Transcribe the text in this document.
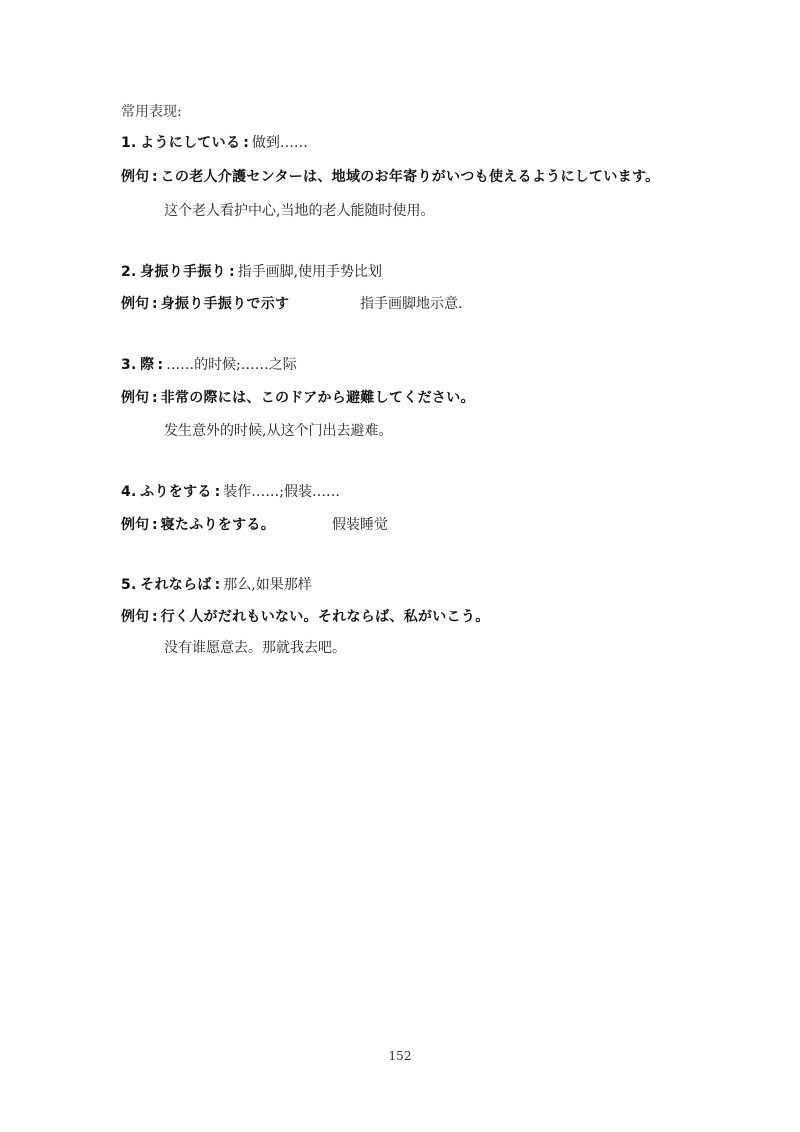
常用表现:
1. ようにしている : 做到……
例句 : この老人介護センターは、地域のお年寄りがいつも使えるようにしています。
这个老人看护中心,当地的老人能随时使用。
2. 身振り手振り : 指手画脚,使用手势比划
例句 : 身振り手振りで示す	指手画脚地示意.
3. 際 : ……的时候;……之际
例句 : 非常の際には、このドアから避難してください。
发生意外的时候,从这个门出去避难。
4. ふりをする : 装作……;假装……
例句 : 寝たふりをする。	假装睡觉
5. それならば : 那么,如果那样
例句 : 行く人がだれもいない。それならば、私がいこう。
没有谁愿意去。那就我去吧。
152
